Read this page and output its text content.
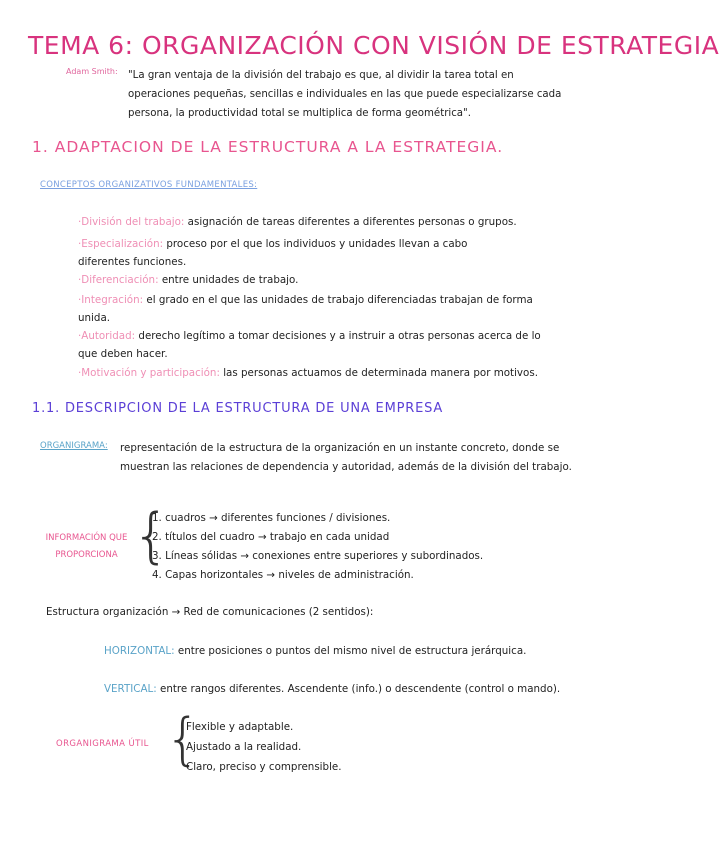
TEMA 6: ORGANIZACIÓN CON VISIÓN DE ESTRATEGIA
Adam Smith: "La gran ventaja de la división del trabajo es que, al dividir la tarea total en operaciones pequeñas, sencillas e individuales en las que puede especializarse cada persona, la productividad total se multiplica de forma geométrica".
1. ADAPTACION DE LA ESTRUCTURA A LA ESTRATEGIA.
CONCEPTOS ORGANIZATIVOS FUNDAMENTALES:
·División del trabajo: asignación de tareas diferentes a diferentes personas o grupos.
·Especialización: proceso por el que los individuos y unidades llevan a cabo diferentes funciones.
·Diferenciación: entre unidades de trabajo.
·Integración: el grado en el que las unidades de trabajo diferenciadas trabajan de forma unida.
·Autoridad: derecho legítimo a tomar decisiones y a instruir a otras personas acerca de lo que deben hacer.
·Motivación y participación: las personas actuamos de determinada manera por motivos.
1.1. DESCRIPCION DE LA ESTRUCTURA DE UNA EMPRESA
ORGANIGRAMA: representación de la estructura de la organización en un instante concreto, donde se muestran las relaciones de dependencia y autoridad, además de la división del trabajo.
INFORMACIÓN QUE PROPORCIONA {
1. cuadros → diferentes funciones / divisiones.
2. títulos del cuadro → trabajo en cada unidad
3. Líneas sólidas → conexiones entre superiores y subordinados.
4. Capas horizontales → niveles de administración.
Estructura organización → Red de comunicaciones (2 sentidos):
HORIZONTAL: entre posiciones o puntos del mismo nivel de estructura jerárquica.
VERTICAL: entre rangos diferentes. Ascendente (info.) o descendente (control o mando).
ORGANIGRAMA ÚTIL {
Flexible y adaptable.
Ajustado a la realidad.
Claro, preciso y comprensible.
